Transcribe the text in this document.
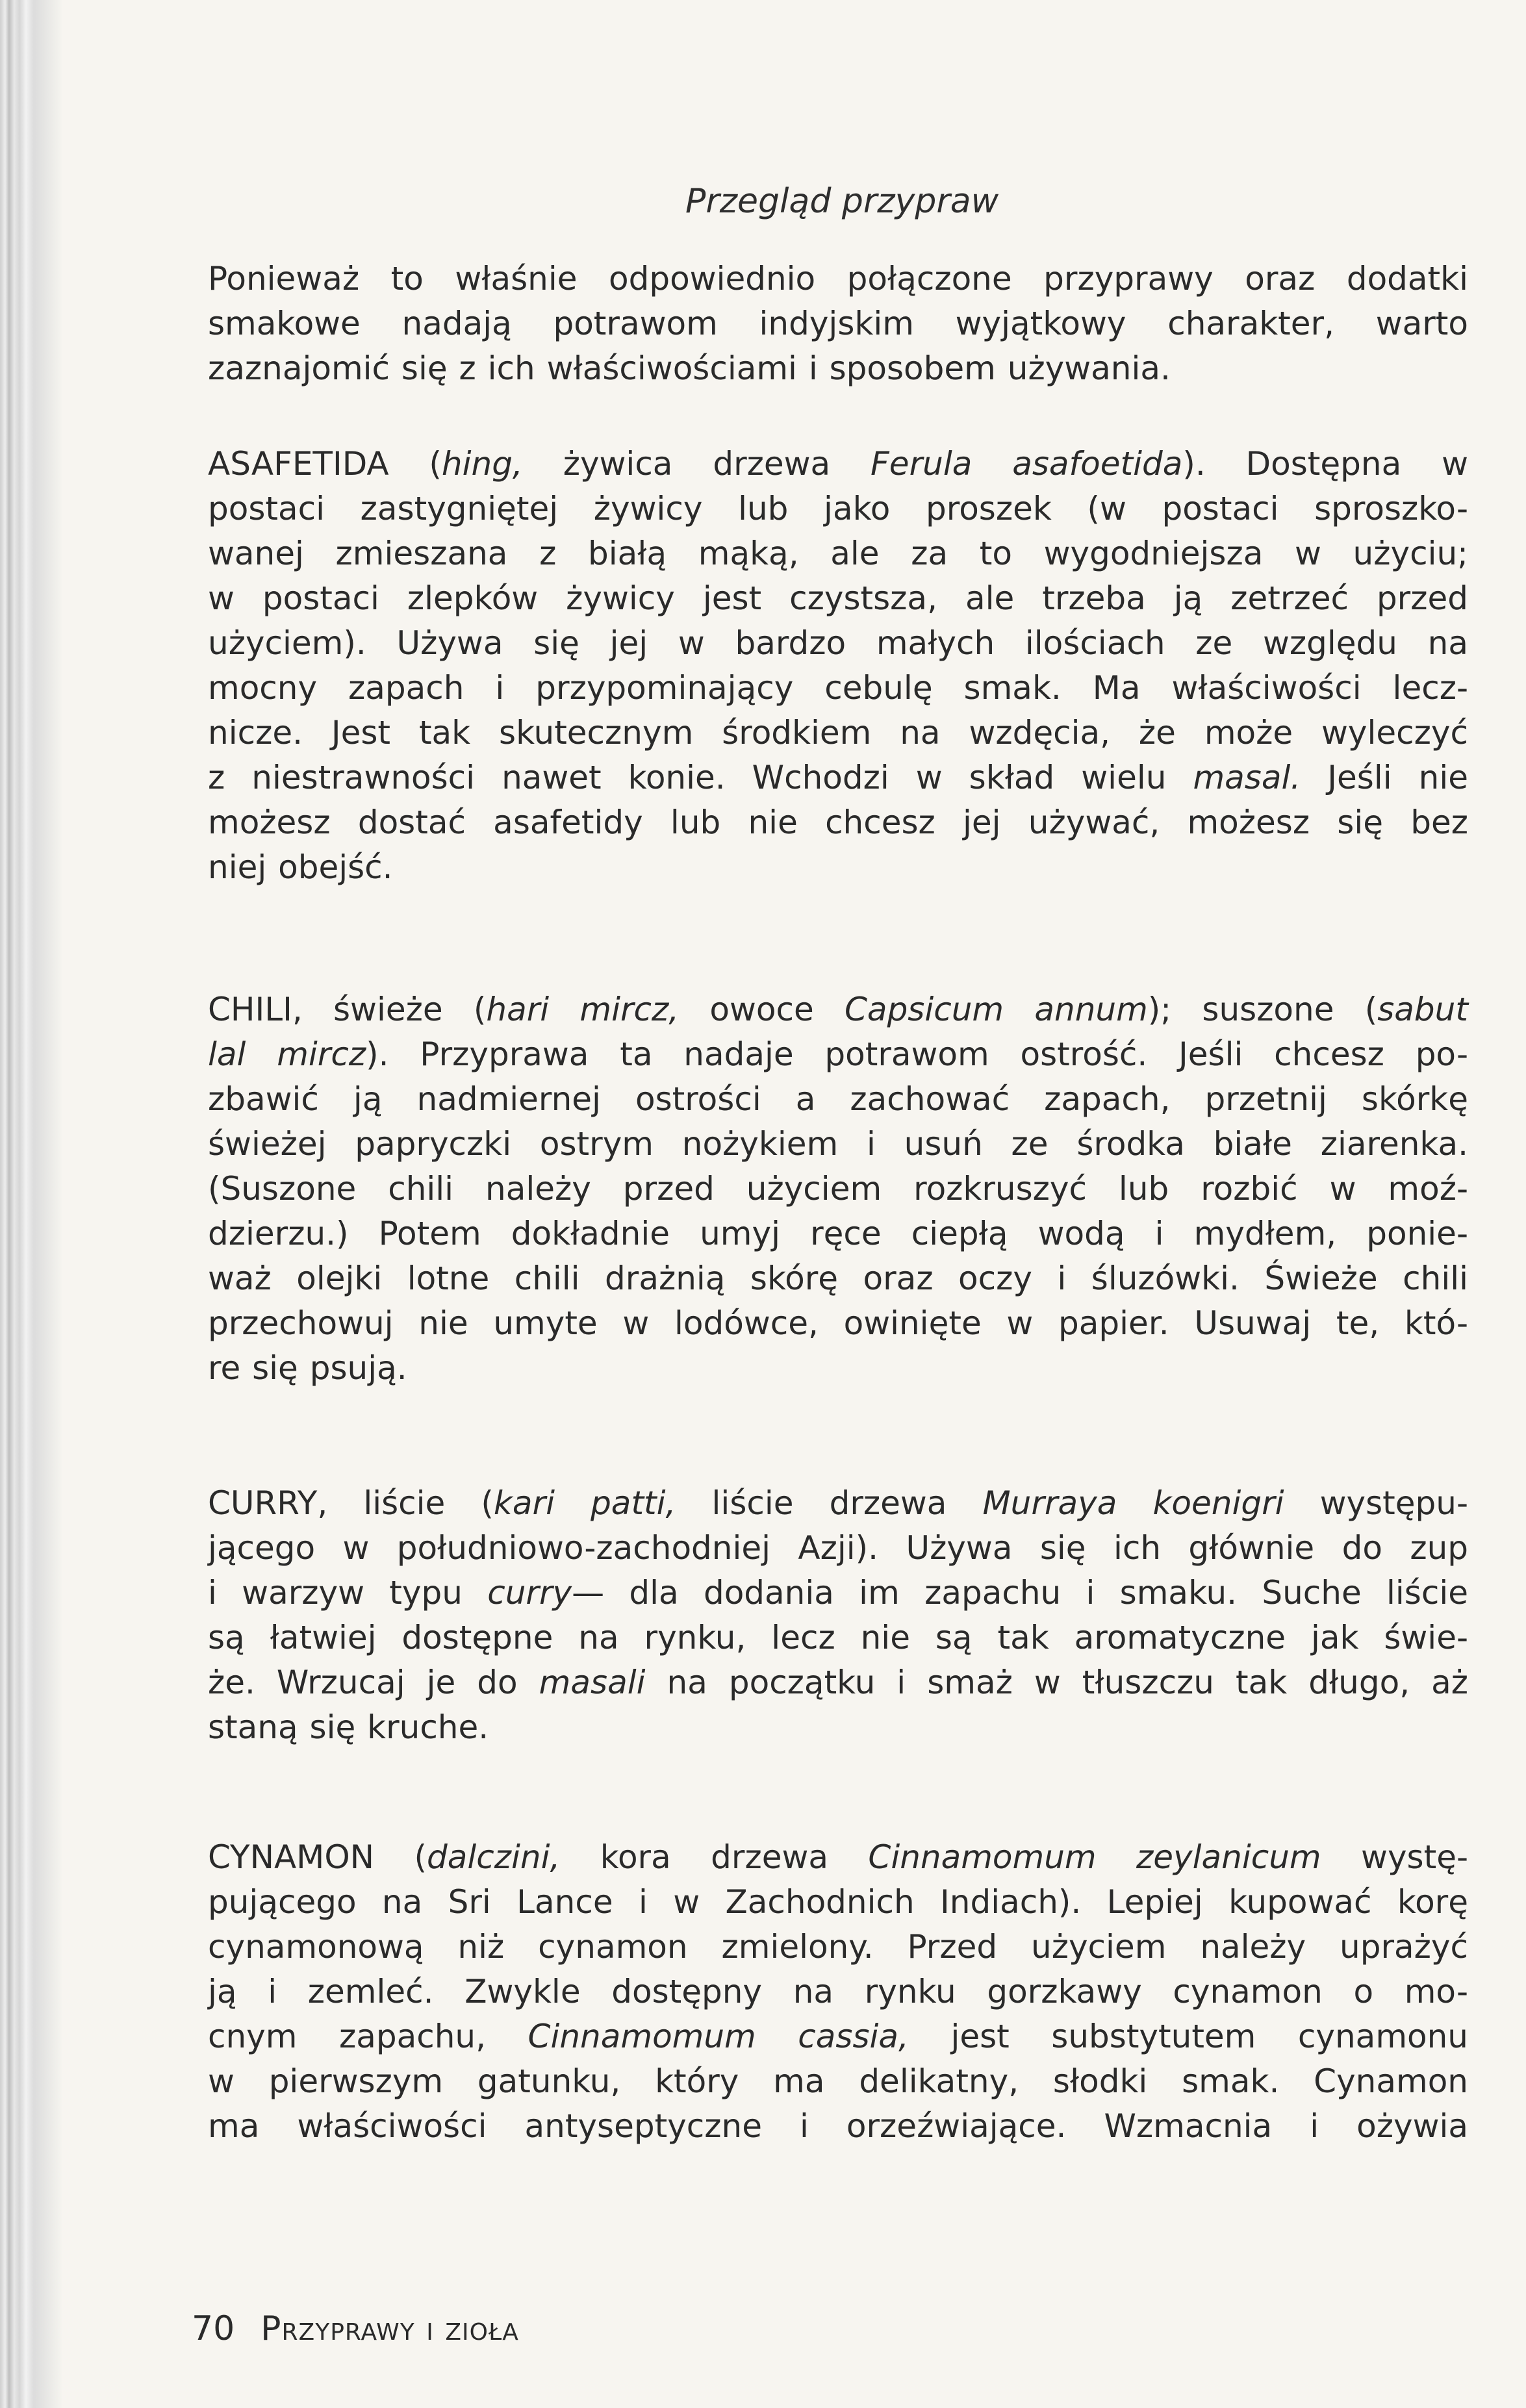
Przegląd przypraw
Ponieważ to właśnie odpowiednio połączone przyprawy oraz dodatki
smakowe nadają potrawom indyjskim wyjątkowy charakter, warto
zaznajomić się z ich właściwościami i sposobem używania.
ASAFETIDA (hing, żywica drzewa Ferula asafoetida). Dostępna w
postaci zastygniętej żywicy lub jako proszek (w postaci sproszko-
wanej zmieszana z białą mąką, ale za to wygodniejsza w użyciu;
w postaci zlepków żywicy jest czystsza, ale trzeba ją zetrzeć przed
użyciem). Używa się jej w bardzo małych ilościach ze względu na
mocny zapach i przypominający cebulę smak. Ma właściwości lecz-
nicze. Jest tak skutecznym środkiem na wzdęcia, że może wyleczyć
z niestrawności nawet konie. Wchodzi w skład wielu masal. Jeśli nie
możesz dostać asafetidy lub nie chcesz jej używać, możesz się bez
niej obejść.
CHILI, świeże (hari mircz, owoce Capsicum annum); suszone (sabut
lal mircz). Przyprawa ta nadaje potrawom ostrość. Jeśli chcesz po-
zbawić ją nadmiernej ostrości a zachować zapach, przetnij skórkę
świeżej papryczki ostrym nożykiem i usuń ze środka białe ziarenka.
(Suszone chili należy przed użyciem rozkruszyć lub rozbić w moź-
dzierzu.) Potem dokładnie umyj ręce ciepłą wodą i mydłem, ponie-
waż olejki lotne chili drażnią skórę oraz oczy i śluzówki. Świeże chili
przechowuj nie umyte w lodówce, owinięte w papier. Usuwaj te, któ-
re się psują.
CURRY, liście (kari patti, liście drzewa Murraya koenigri występu-
jącego w południowo-zachodniej Azji). Używa się ich głównie do zup
i warzyw typu curry— dla dodania im zapachu i smaku. Suche liście
są łatwiej dostępne na rynku, lecz nie są tak aromatyczne jak świe-
że. Wrzucaj je do masali na początku i smaż w tłuszczu tak długo, aż
staną się kruche.
CYNAMON (dalczini, kora drzewa Cinnamomum zeylanicum wystę-
pującego na Sri Lance i w Zachodnich Indiach). Lepiej kupować korę
cynamonową niż cynamon zmielony. Przed użyciem należy uprażyć
ją i zemleć. Zwykle dostępny na rynku gorzkawy cynamon o mo-
cnym zapachu, Cinnamomum cassia, jest substytutem cynamonu
w pierwszym gatunku, który ma delikatny, słodki smak. Cynamon
ma właściwości antyseptyczne i orzeźwiające. Wzmacnia i ożywia
70 Przyprawy i zioła
